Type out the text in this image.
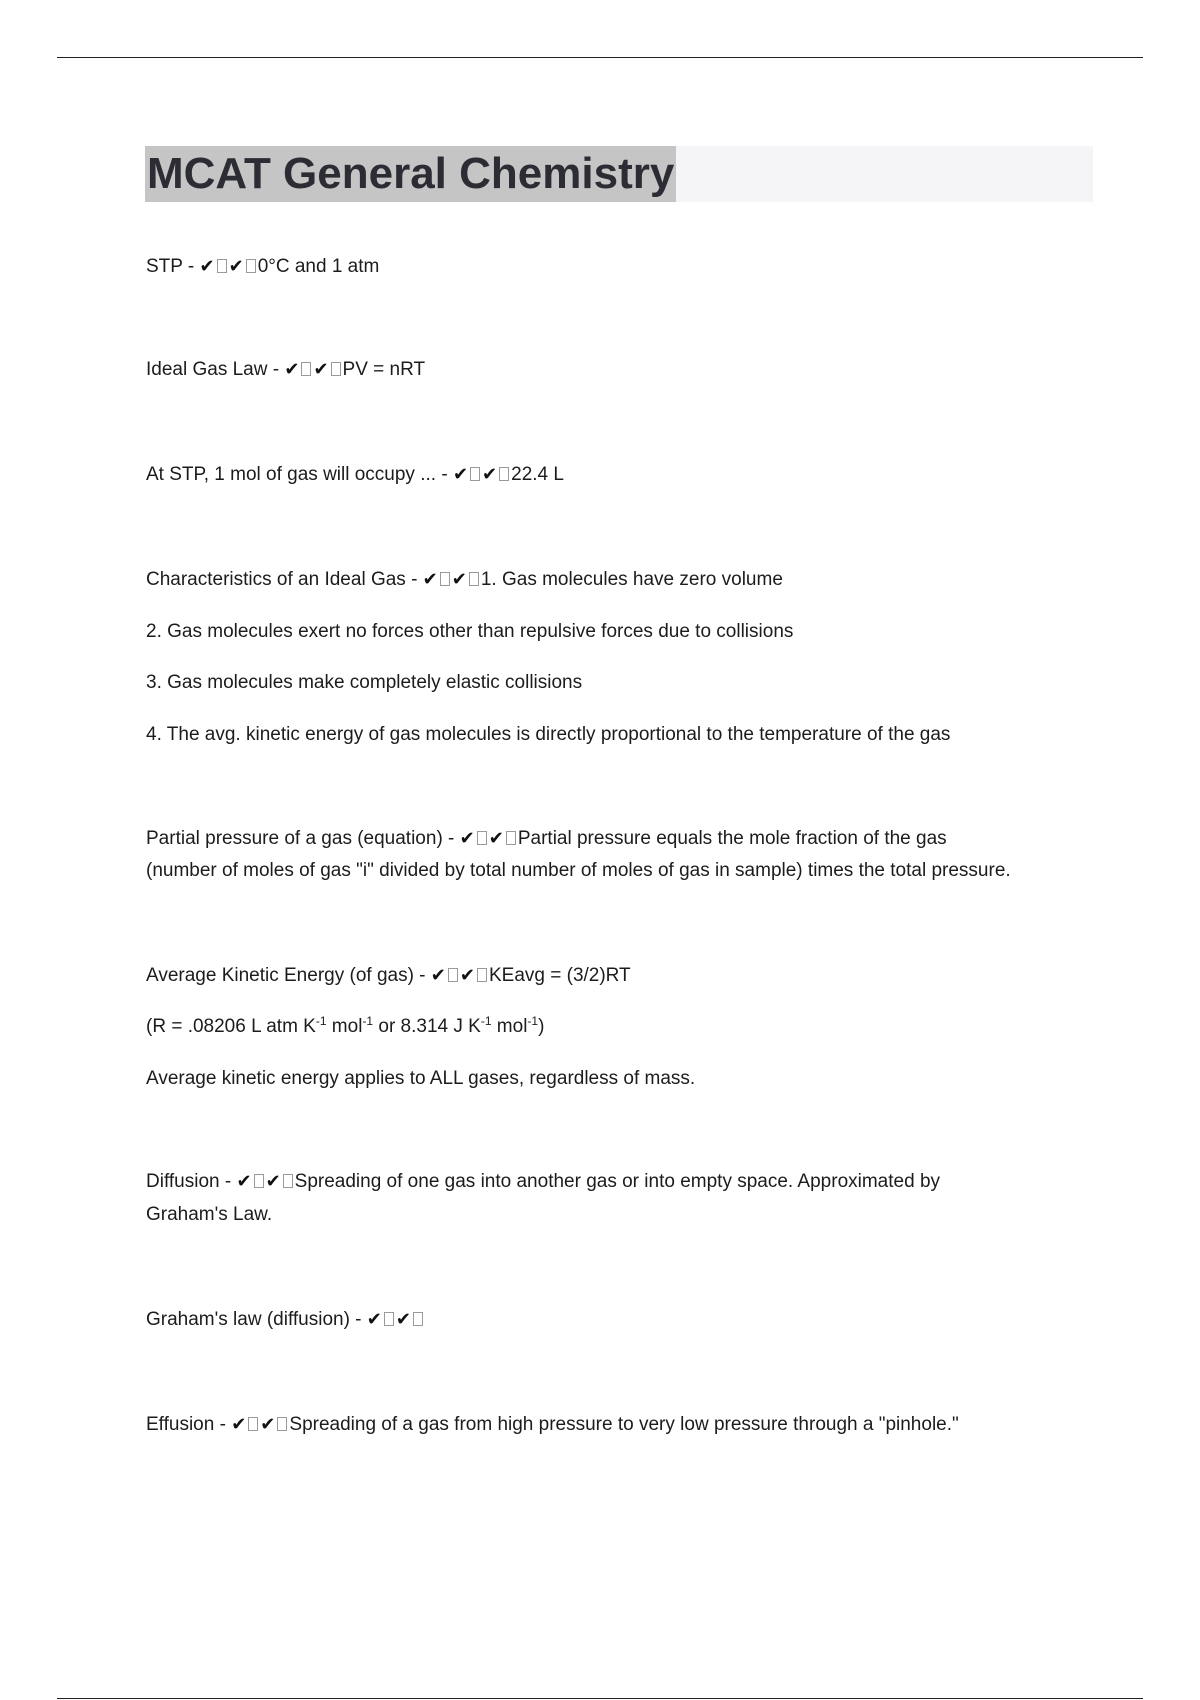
MCAT General Chemistry
STP - ✔ ✔ 0°C and 1 atm
Ideal Gas Law - ✔ ✔ PV = nRT
At STP, 1 mol of gas will occupy ... - ✔ ✔ 22.4 L
Characteristics of an Ideal Gas - ✔ ✔ 1. Gas molecules have zero volume
2. Gas molecules exert no forces other than repulsive forces due to collisions
3. Gas molecules make completely elastic collisions
4. The avg. kinetic energy of gas molecules is directly proportional to the temperature of the gas
Partial pressure of a gas (equation) - ✔ ✔ Partial pressure equals the mole fraction of the gas
(number of moles of gas "i" divided by total number of moles of gas in sample) times the total pressure.
Average Kinetic Energy (of gas) - ✔ ✔ KEavg = (3/2)RT
(R = .08206 L atm $K^{-1}$ mol$^{-1}$ or 8.314 J $K^{-1}$ mol$^{-1}$)
Average kinetic energy applies to ALL gases, regardless of mass.
Diffusion - ✔ ✔ Spreading of one gas into another gas or into empty space. Approximated by
Graham's Law.
Graham's law (diffusion) - ✔ ✔
Effusion - ✔ ✔ Spreading of a gas from high pressure to very low pressure through a "pinhole."
